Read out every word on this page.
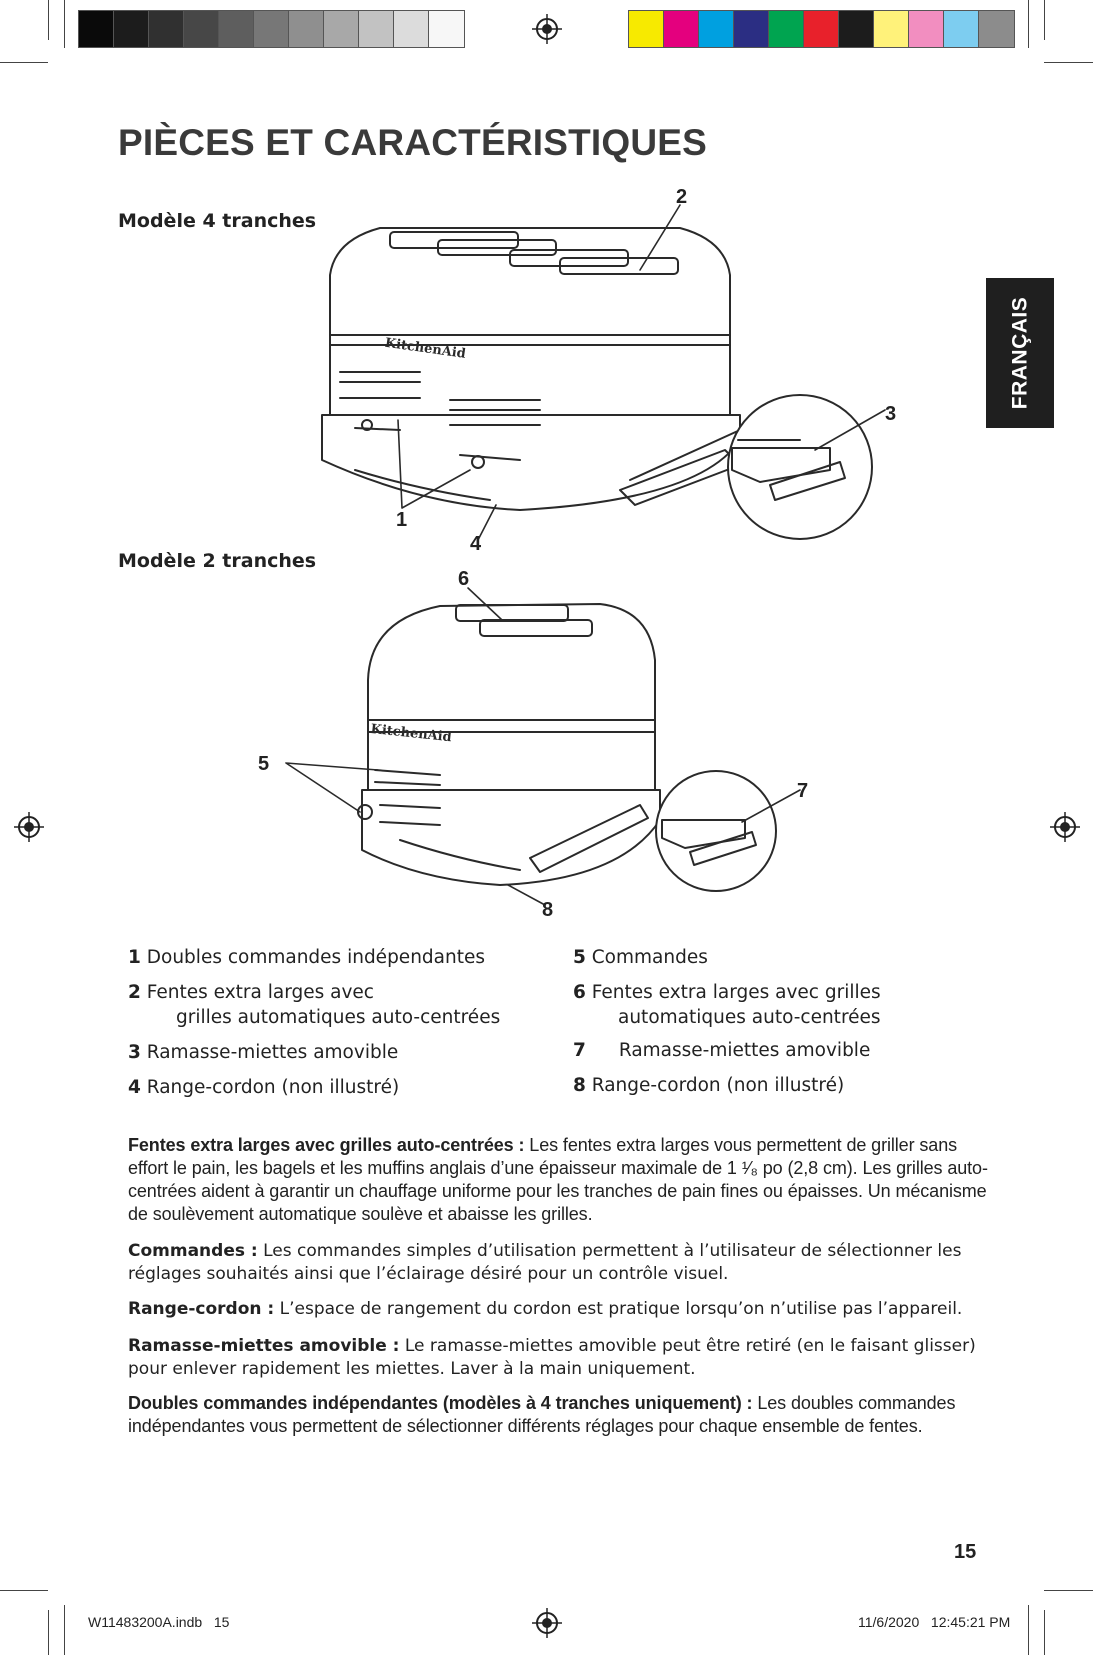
PIÈCES ET CARACTÉRISTIQUES
FRANÇAIS
Modèle 4 tranches
Modèle 2 tranches
KitchenAid
KitchenAid
2
3
1
4
6
5
7
8
1 Doubles commandes indépendantes
2 Fentes extra larges avec
grilles automatiques auto-centrées
3 Ramasse-miettes amovible
4 Range-cordon (non illustré)
5 Commandes
6 Fentes extra larges avec grilles
automatiques auto-centrées
7 Ramasse-miettes amovible
8 Range-cordon (non illustré)

Fentes extra larges avec grilles auto-centrées : Les fentes extra larges vous permettent de griller sans effort le pain, les bagels et les muffins anglais d’une épaisseur maximale de 1 ¹⁄₈ po (2,8 cm). Les grilles auto-centrées aident à garantir un chauffage uniforme pour les tranches de pain fines ou épaisses. Un mécanisme de soulèvement automatique soulève et abaisse les grilles.

Commandes : Les commandes simples d’utilisation permettent à l’utilisateur de sélectionner les réglages souhaités ainsi que l’éclairage désiré pour un contrôle visuel.

Range-cordon : L’espace de rangement du cordon est pratique lorsqu’on n’utilise pas l’appareil.

Ramasse-miettes amovible : Le ramasse-miettes amovible peut être retiré (en le faisant glisser) pour enlever rapidement les miettes. Laver à la main uniquement.

Doubles commandes indépendantes (modèles à 4 tranches uniquement) : Les doubles commandes indépendantes vous permettent de sélectionner différents réglages pour chaque ensemble de fentes.

15
W11483200A.indb   15	11/6/2020   12:45:21 PM
